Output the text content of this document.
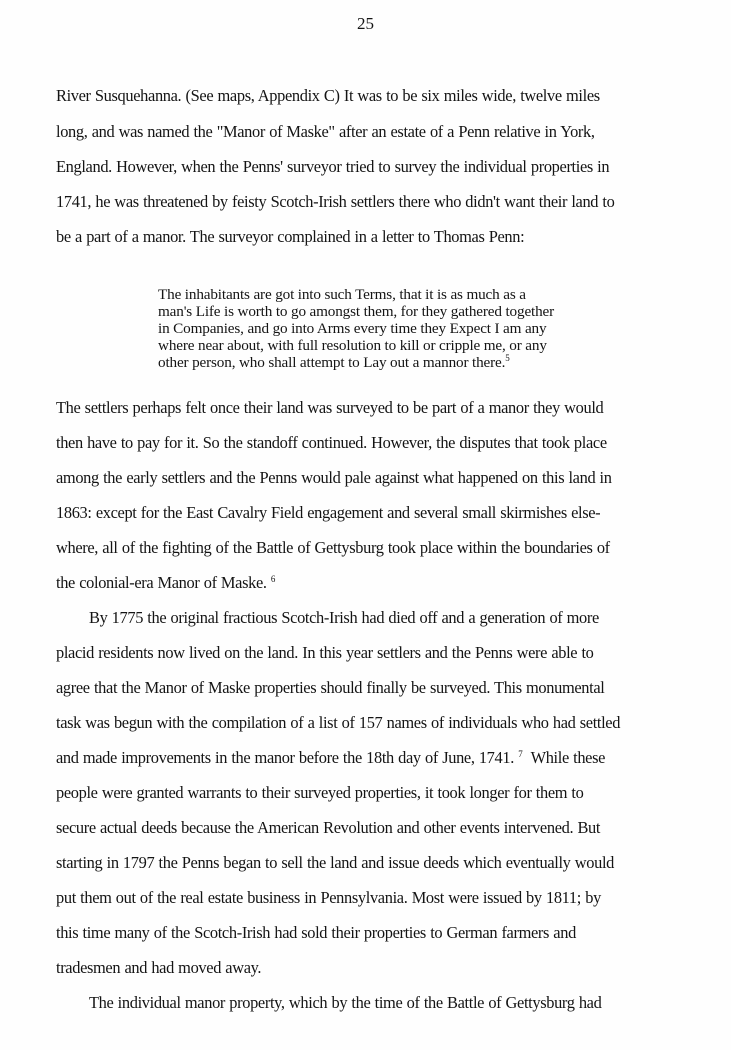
25
River Susquehanna. (See maps, Appendix C) It was to be six miles wide, twelve miles
long, and was named the "Manor of Maske" after an estate of a Penn relative in York,
England. However, when the Penns' surveyor tried to survey the individual properties in
1741, he was threatened by feisty Scotch-Irish settlers there who didn't want their land to
be a part of a manor. The surveyor complained in a letter to Thomas Penn:
The inhabitants are got into such Terms, that it is as much as a
man's Life is worth to go amongst them, for they gathered together
in Companies, and go into Arms every time they Expect I am any
where near about, with full resolution to kill or cripple me, or any
other person, who shall attempt to Lay out a mannor there.$^5$
The settlers perhaps felt once their land was surveyed to be part of a manor they would
then have to pay for it. So the standoff continued. However, the disputes that took place
among the early settlers and the Penns would pale against what happened on this land in
1863: except for the East Cavalry Field engagement and several small skirmishes else-
where, all of the fighting of the Battle of Gettysburg took place within the boundaries of
the colonial-era Manor of Maske. $^6$
By 1775 the original fractious Scotch-Irish had died off and a generation of more
placid residents now lived on the land. In this year settlers and the Penns were able to
agree that the Manor of Maske properties should finally be surveyed. This monumental
task was begun with the compilation of a list of 157 names of individuals who had settled
and made improvements in the manor before the 18th day of June, 1741. $^7$  While these
people were granted warrants to their surveyed properties, it took longer for them to
secure actual deeds because the American Revolution and other events intervened. But
starting in 1797 the Penns began to sell the land and issue deeds which eventually would
put them out of the real estate business in Pennsylvania. Most were issued by 1811; by
this time many of the Scotch-Irish had sold their properties to German farmers and
tradesmen and had moved away.
The individual manor property, which by the time of the Battle of Gettysburg had
